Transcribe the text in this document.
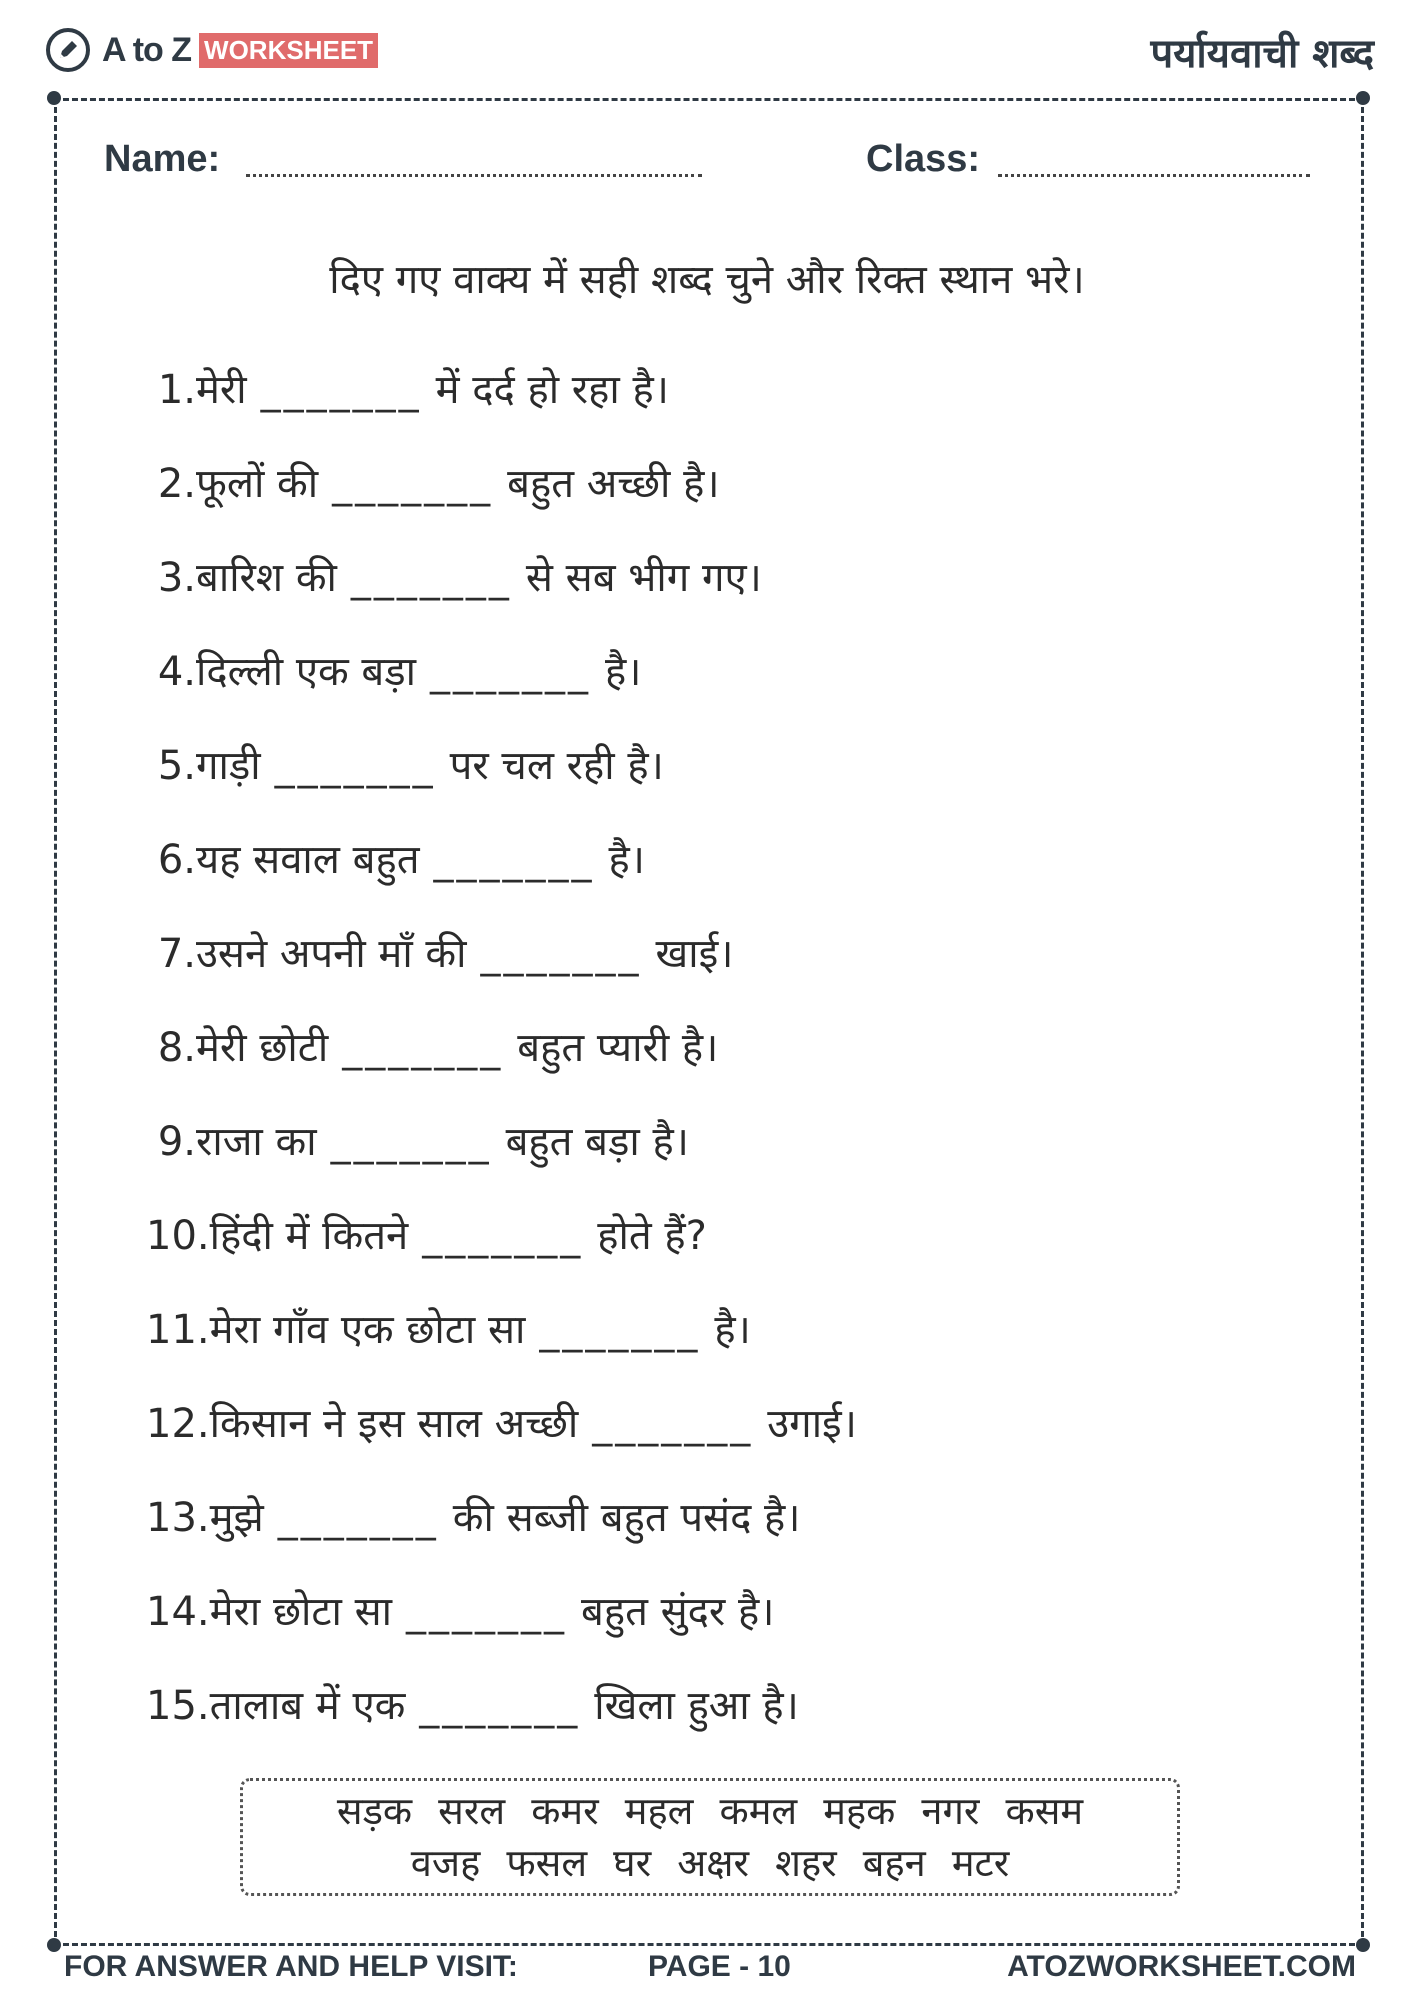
A to Z WORKSHEET	पर्यायवाची शब्द
Name:	Class:
दिए गए वाक्य में सही शब्द चुने और रिक्त स्थान भरे।
1.मेरी _______ में दर्द हो रहा है।
2.फूलों की _______ बहुत अच्छी है।
3.बारिश की _______ से सब भीग गए।
4.दिल्ली एक बड़ा _______ है।
5.गाड़ी _______ पर चल रही है।
6.यह सवाल बहुत _______ है।
7.उसने अपनी माँ की _______ खाई।
8.मेरी छोटी _______ बहुत प्यारी है।
9.राजा का _______ बहुत बड़ा है।
10.हिंदी में कितने _______ होते हैं?
11.मेरा गाँव एक छोटा सा _______ है।
12.किसान ने इस साल अच्छी _______ उगाई।
13.मुझे _______ की सब्जी बहुत पसंद है।
14.मेरा छोटा सा _______ बहुत सुंदर है।
15.तालाब में एक _______ खिला हुआ है।
सड़क सरल कमर महल कमल महक नगर कसम
वजह फसल घर अक्षर शहर बहन मटर
FOR ANSWER AND HELP VISIT:	PAGE - 10	ATOZWORKSHEET.COM
